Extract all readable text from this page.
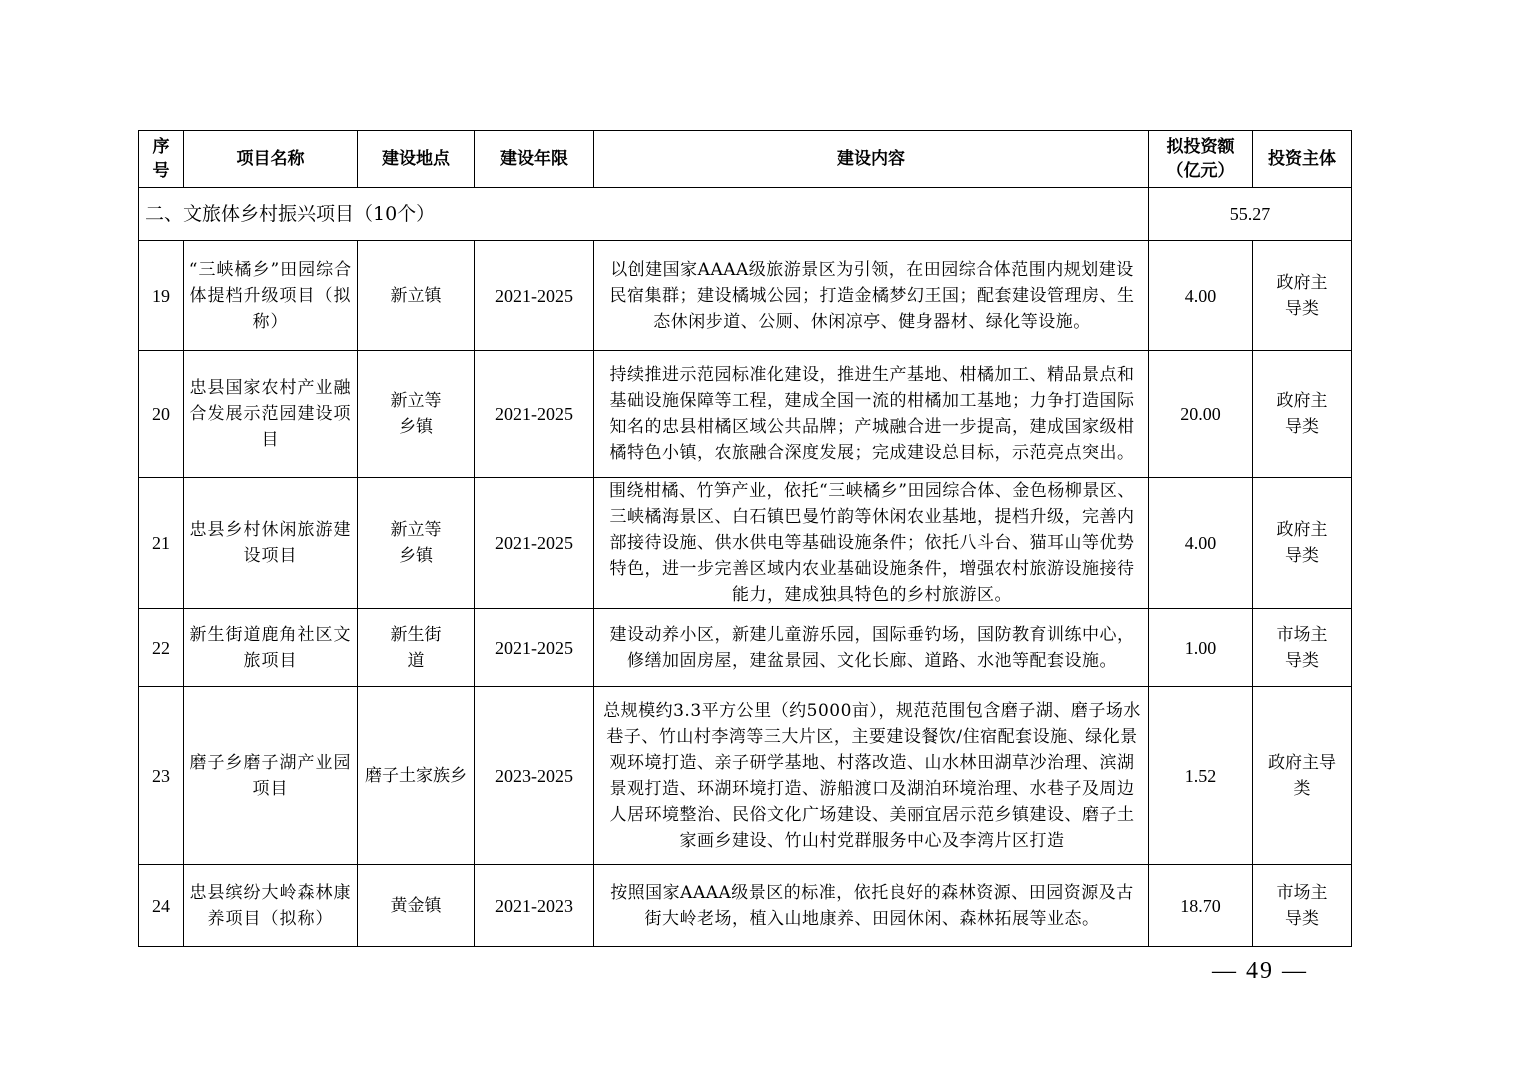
序号	项目名称	建设地点	建设年限	建设内容	拟投资额（亿元）	投资主体
二、文旅体乡村振兴项目（10个）					55.27	
19	“三峡橘乡”田园综合体提档升级项目（拟称）	新立镇	2021-2025	以创建国家AAAA级旅游景区为引领，在田园综合体范围内规划建设民宿集群；建设橘城公园；打造金橘梦幻王国；配套建设管理房、生态休闲步道、公厕、休闲凉亭、健身器材、绿化等设施。	4.00	政府主导类
20	忠县国家农村产业融合发展示范园建设项目	新立等乡镇	2021-2025	持续推进示范园标准化建设，推进生产基地、柑橘加工、精品景点和基础设施保障等工程，建成全国一流的柑橘加工基地；力争打造国际知名的忠县柑橘区域公共品牌；产城融合进一步提高，建成国家级柑橘特色小镇，农旅融合深度发展；完成建设总目标，示范亮点突出。	20.00	政府主导类
21	忠县乡村休闲旅游建设项目	新立等乡镇	2021-2025	围绕柑橘、竹笋产业，依托“三峡橘乡”田园综合体、金色杨柳景区、三峡橘海景区、白石镇巴曼竹韵等休闲农业基地，提档升级，完善内部接待设施、供水供电等基础设施条件；依托八斗台、猫耳山等优势特色，进一步完善区域内农业基础设施条件，增强农村旅游设施接待能力，建成独具特色的乡村旅游区。	4.00	政府主导类
22	新生街道鹿角社区文旅项目	新生街道	2021-2025	建设动养小区，新建儿童游乐园，国际垂钓场，国防教育训练中心，修缮加固房屋，建盆景园、文化长廊、道路、水池等配套设施。	1.00	市场主导类
23	磨子乡磨子湖产业园项目	磨子土家族乡	2023-2025	总规模约3.3平方公里（约5000亩），规范范围包含磨子湖、磨子场水巷子、竹山村李湾等三大片区，主要建设餐饮/住宿配套设施、绿化景观环境打造、亲子研学基地、村落改造、山水林田湖草沙治理、滨湖景观打造、环湖环境打造、游船渡口及湖泊环境治理、水巷子及周边人居环境整治、民俗文化广场建设、美丽宜居示范乡镇建设、磨子土家画乡建设、竹山村党群服务中心及李湾片区打造	1.52	政府主导类
24	忠县缤纷大岭森林康养项目（拟称）	黄金镇	2021-2023	按照国家AAAA级景区的标准，依托良好的森林资源、田园资源及古街大岭老场，植入山地康养、田园休闲、森林拓展等业态。	18.70	市场主导类
— 49 —
